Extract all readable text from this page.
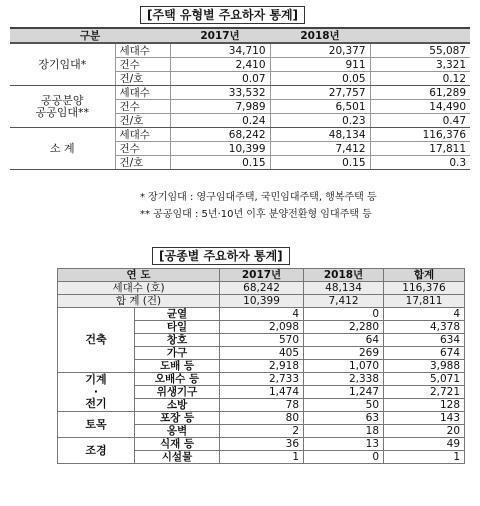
[주택 유형별 주요하자 통계]
구분		2017년	2018년	
장기임대*	세대수	34,710	20,377	55,087
	건수	2,410	911	3,321
	건/호	0.07	0.05	0.12
공공분양
공공임대**	세대수	33,532	27,757	61,289
	건수	7,989	6,501	14,490
	건/호	0.24	0.23	0.47
소 계	세대수	68,242	48,134	116,376
	건수	10,399	7,412	17,811
	건/호	0.15	0.15	0.3
* 장기임대 : 영구임대주택, 국민임대주택, 행복주택 등
** 공공임대 : 5년·10년 이후 분양전환형 임대주택 등
[공종별 주요하자 통계]
연 도		2017년	2018년	합계
세대수 (호)		68,242	48,134	116,376
합 계 (건)		10,399	7,412	17,811
건축	균열	4	0	4
	타일	2,098	2,280	4,378
	창호	570	64	634
	가구	405	269	674
	도배 등	2,918	1,070	3,988
기계
·
전기	오배수 등	2,733	2,338	5,071
	위생기구	1,474	1,247	2,721
	소방	78	50	128
토목	포장 등	80	63	143
	옹벽	2	18	20
조경	식재 등	36	13	49
	시설물	1	0	1
